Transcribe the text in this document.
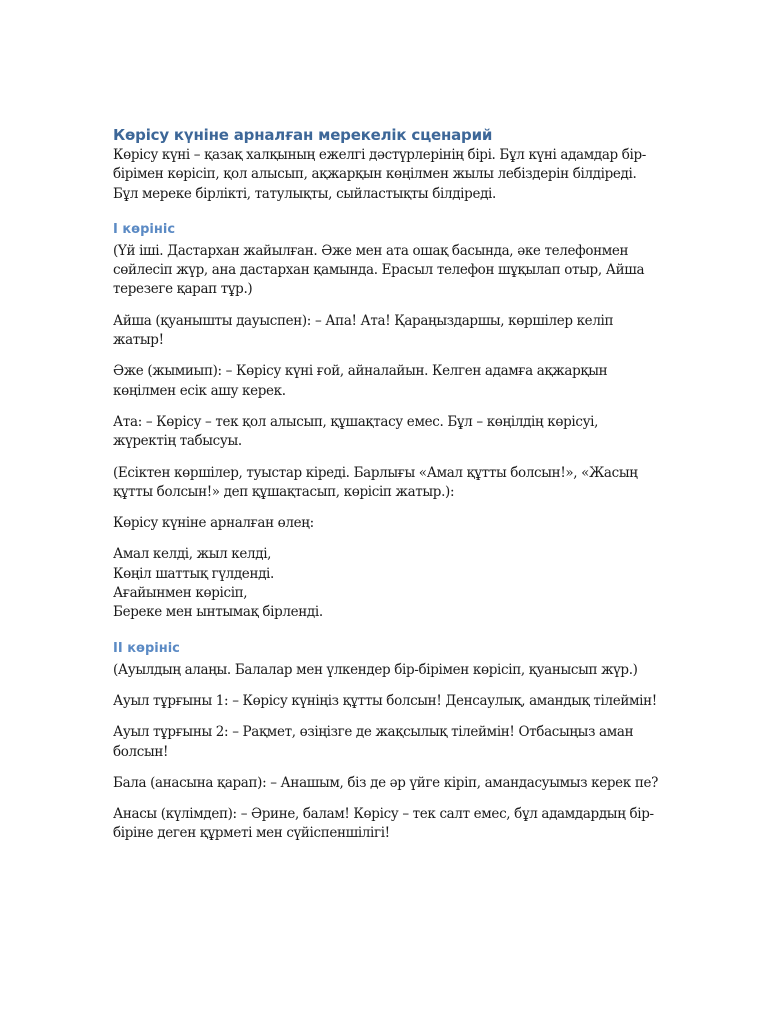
Көрісу күніне арналған мерекелік сценарий

Көрісу күні – қазақ халқының ежелгі дәстүрлерінің бірі. Бұл күні адамдар бір-бірімен көрісіп, қол алысып, ақжарқын көңілмен жылы лебіздерін білдіреді. Бұл мереке бірлікті, татулықты, сыйластықты білдіреді.

І көрініс

(Үй іші. Дастархан жайылған. Әже мен ата ошақ басында, әке телефонмен сөйлесіп жүр, ана дастархан қамында. Ерасыл телефон шұқылап отыр, Айша терезеге қарап тұр.)

Айша (қуанышты дауыспен): – Апа! Ата! Қараңыздаршы, көршілер келіп жатыр!

Әже (жымиып): – Көрісу күні ғой, айналайын. Келген адамға ақжарқын көңілмен есік ашу керек.

Ата: – Көрісу – тек қол алысып, құшақтасу емес. Бұл – көңілдің көрісуі, жүректің табысуы.

(Есіктен көршілер, туыстар кіреді. Барлығы «Амал құтты болсын!», «Жасың құтты болсын!» деп құшақтасып, көрісіп жатыр.):

Көрісу күніне арналған өлең:

Амал келді, жыл келді,

Көңіл шаттық гүлденді.

Ағайынмен көрісіп,

Береке мен ынтымақ бірленді.

ІІ көрініс

(Ауылдың алаңы. Балалар мен үлкендер бір-бірімен көрісіп, қуанысып жүр.)

Ауыл тұрғыны 1: – Көрісу күніңіз құтты болсын! Денсаулық, амандық тілеймін!

Ауыл тұрғыны 2: – Рақмет, өзіңізге де жақсылық тілеймін! Отбасыңыз аман болсын!

Бала (анасына қарап): – Анашым, біз де әр үйге кіріп, амандасуымыз керек пе?

Анасы (күлімдеп): – Әрине, балам! Көрісу – тек салт емес, бұл адамдардың бір-біріне деген құрметі мен сүйіспеншілігі!
